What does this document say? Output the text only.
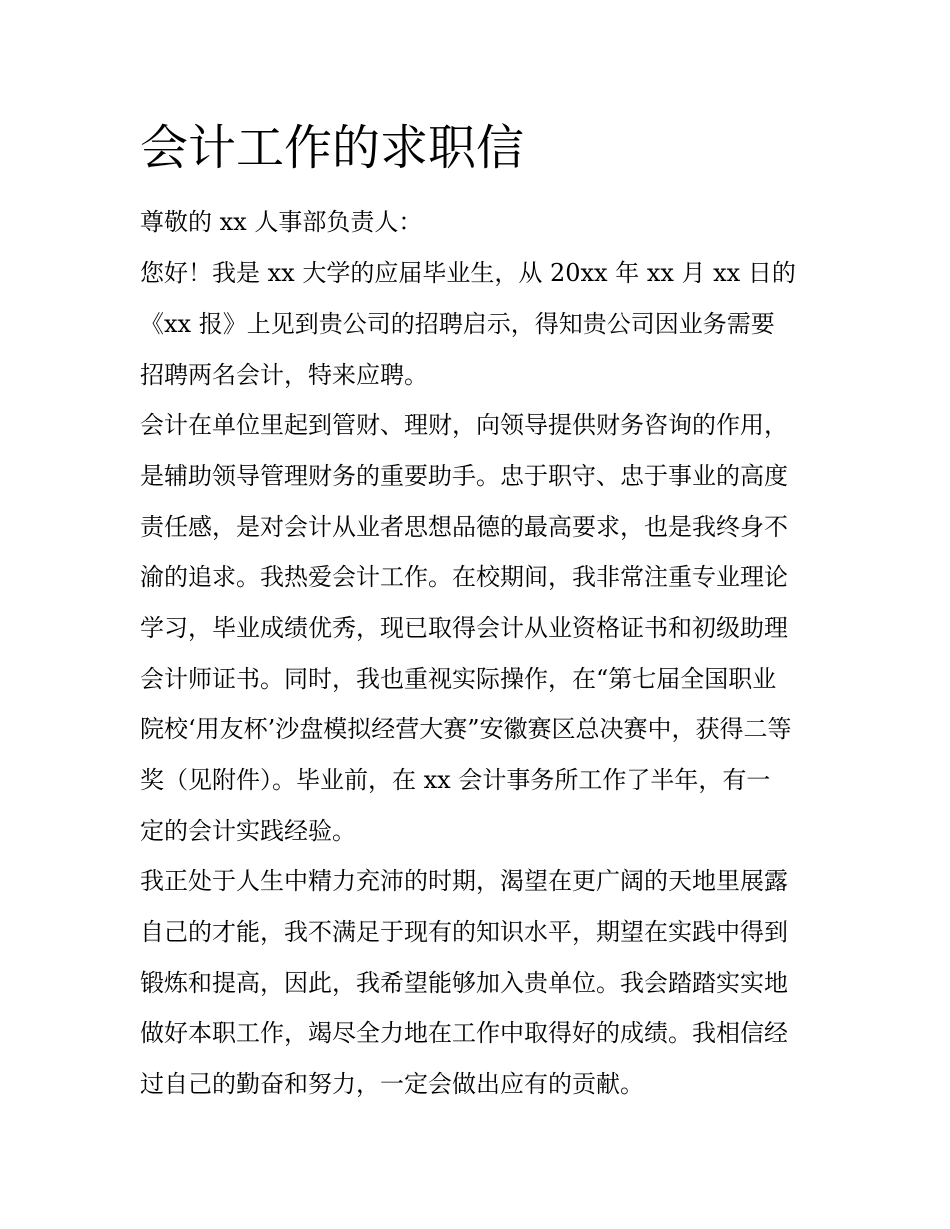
会计工作的求职信

尊敬的 xx 人事部负责人：

您好！我是 xx 大学的应届毕业生，从 20xx 年 xx 月 xx 日的

《xx 报》上见到贵公司的招聘启示，得知贵公司因业务需要

招聘两名会计，特来应聘。

会计在单位里起到管财、理财，向领导提供财务咨询的作用，

是辅助领导管理财务的重要助手。忠于职守、忠于事业的高度

责任感，是对会计从业者思想品德的最高要求，也是我终身不

渝的追求。我热爱会计工作。在校期间，我非常注重专业理论

学习，毕业成绩优秀，现已取得会计从业资格证书和初级助理

会计师证书。同时，我也重视实际操作，在“第七届全国职业

院校‘用友杯’沙盘模拟经营大赛”安徽赛区总决赛中，获得二等

奖（见附件）。毕业前，在 xx 会计事务所工作了半年，有一

定的会计实践经验。

我正处于人生中精力充沛的时期，渴望在更广阔的天地里展露

自己的才能，我不满足于现有的知识水平，期望在实践中得到

锻炼和提高，因此，我希望能够加入贵单位。我会踏踏实实地

做好本职工作，竭尽全力地在工作中取得好的成绩。我相信经

过自己的勤奋和努力，一定会做出应有的贡献。
